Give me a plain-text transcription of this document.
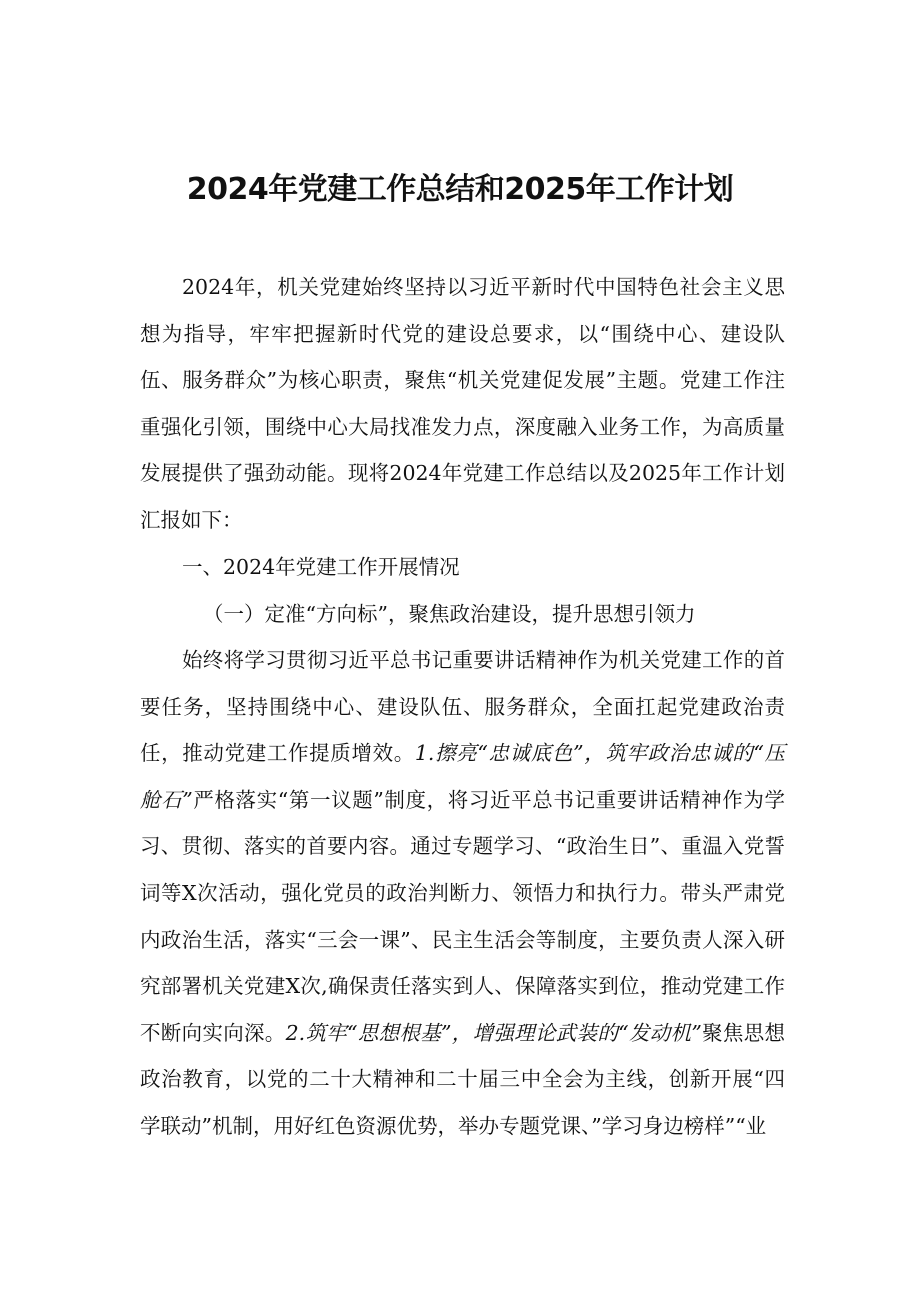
2024年党建工作总结和2025年工作计划
2024年，机关党建始终坚持以习近平新时代中国特色社会主义思想为指导，牢牢把握新时代党的建设总要求，以“围绕中心、建设队伍、服务群众”为核心职责，聚焦“机关党建促发展”主题。党建工作注重强化引领，围绕中心大局找准发力点，深度融入业务工作，为高质量发展提供了强劲动能。现将2024年党建工作总结以及2025年工作计划汇报如下：
一、2024年党建工作开展情况
（一）定准“方向标”，聚焦政治建设，提升思想引领力

始终将学习贯彻习近平总书记重要讲话精神作为机关党建工作的首要任务，坚持围绕中心、建设队伍、服务群众，全面扛起党建政治责任，推动党建工作提质增效。1.擦亮“忠诚底色”，筑牢政治忠诚的“压舱石”严格落实“第一议题”制度，将习近平总书记重要讲话精神作为学习、贯彻、落实的首要内容。通过专题学习、“政治生日”、重温入党誓词等X次活动，强化党员的政治判断力、领悟力和执行力。带头严肃党内政治生活，落实“三会一课”、民主生活会等制度，主要负责人深入研究部署机关党建X次,确保责任落实到人、保障落实到位，推动党建工作不断向实向深。2.筑牢“思想根基”，增强理论武装的“发动机”聚焦思想政治教育，以党的二十大精神和二十届三中全会为主线，创新开展“四学联动”机制，用好红色资源优势，举办专题党课、”学习身边榜样”“业
